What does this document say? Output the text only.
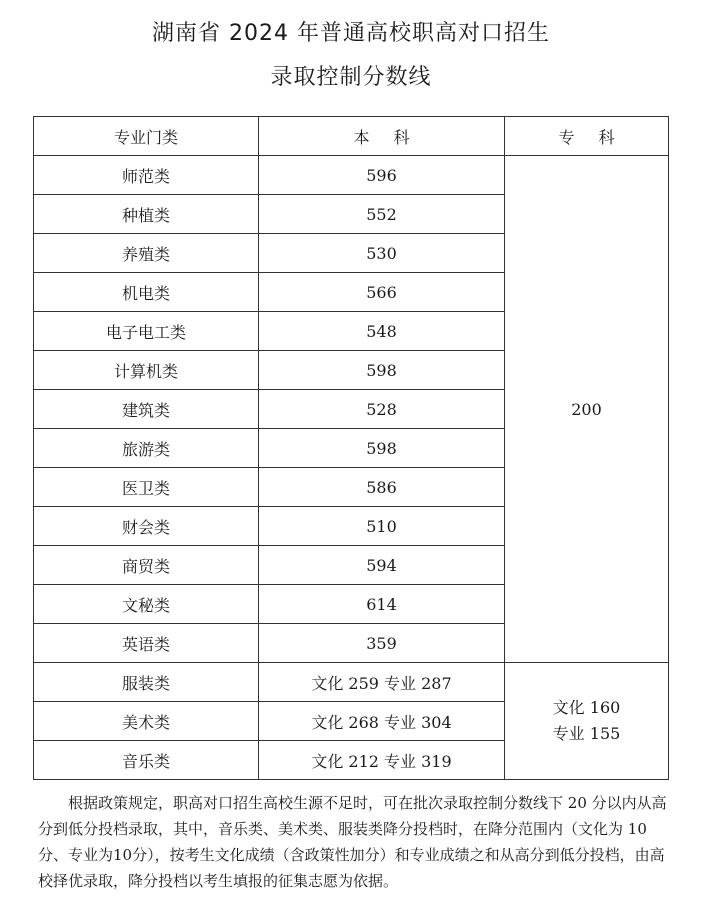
湖南省 2024 年普通高校职高对口招生
录取控制分数线
专业门类	本科	专科
师范类	596	200
种植类	552	
养殖类	530	
机电类	566	
电子电工类	548	
计算机类	598	
建筑类	528	
旅游类	598	
医卫类	586	
财会类	510	
商贸类	594	
文秘类	614	
英语类	359	
服装类	文化 259 专业 287	文化 160
专业 155

美术类	文化 268 专业 304	
音乐类	文化 212 专业 319	
根据政策规定，职高对口招生高校生源不足时，可在批次录取控制分数线下 20 分以内从高分到低分投档录取，其中，音乐类、美术类、服装类降分投档时，在降分范围内（文化为 10 分、专业为10分），按考生文化成绩（含政策性加分）和专业成绩之和从高分到低分投档，由高校择优录取，降分投档以考生填报的征集志愿为依据。
